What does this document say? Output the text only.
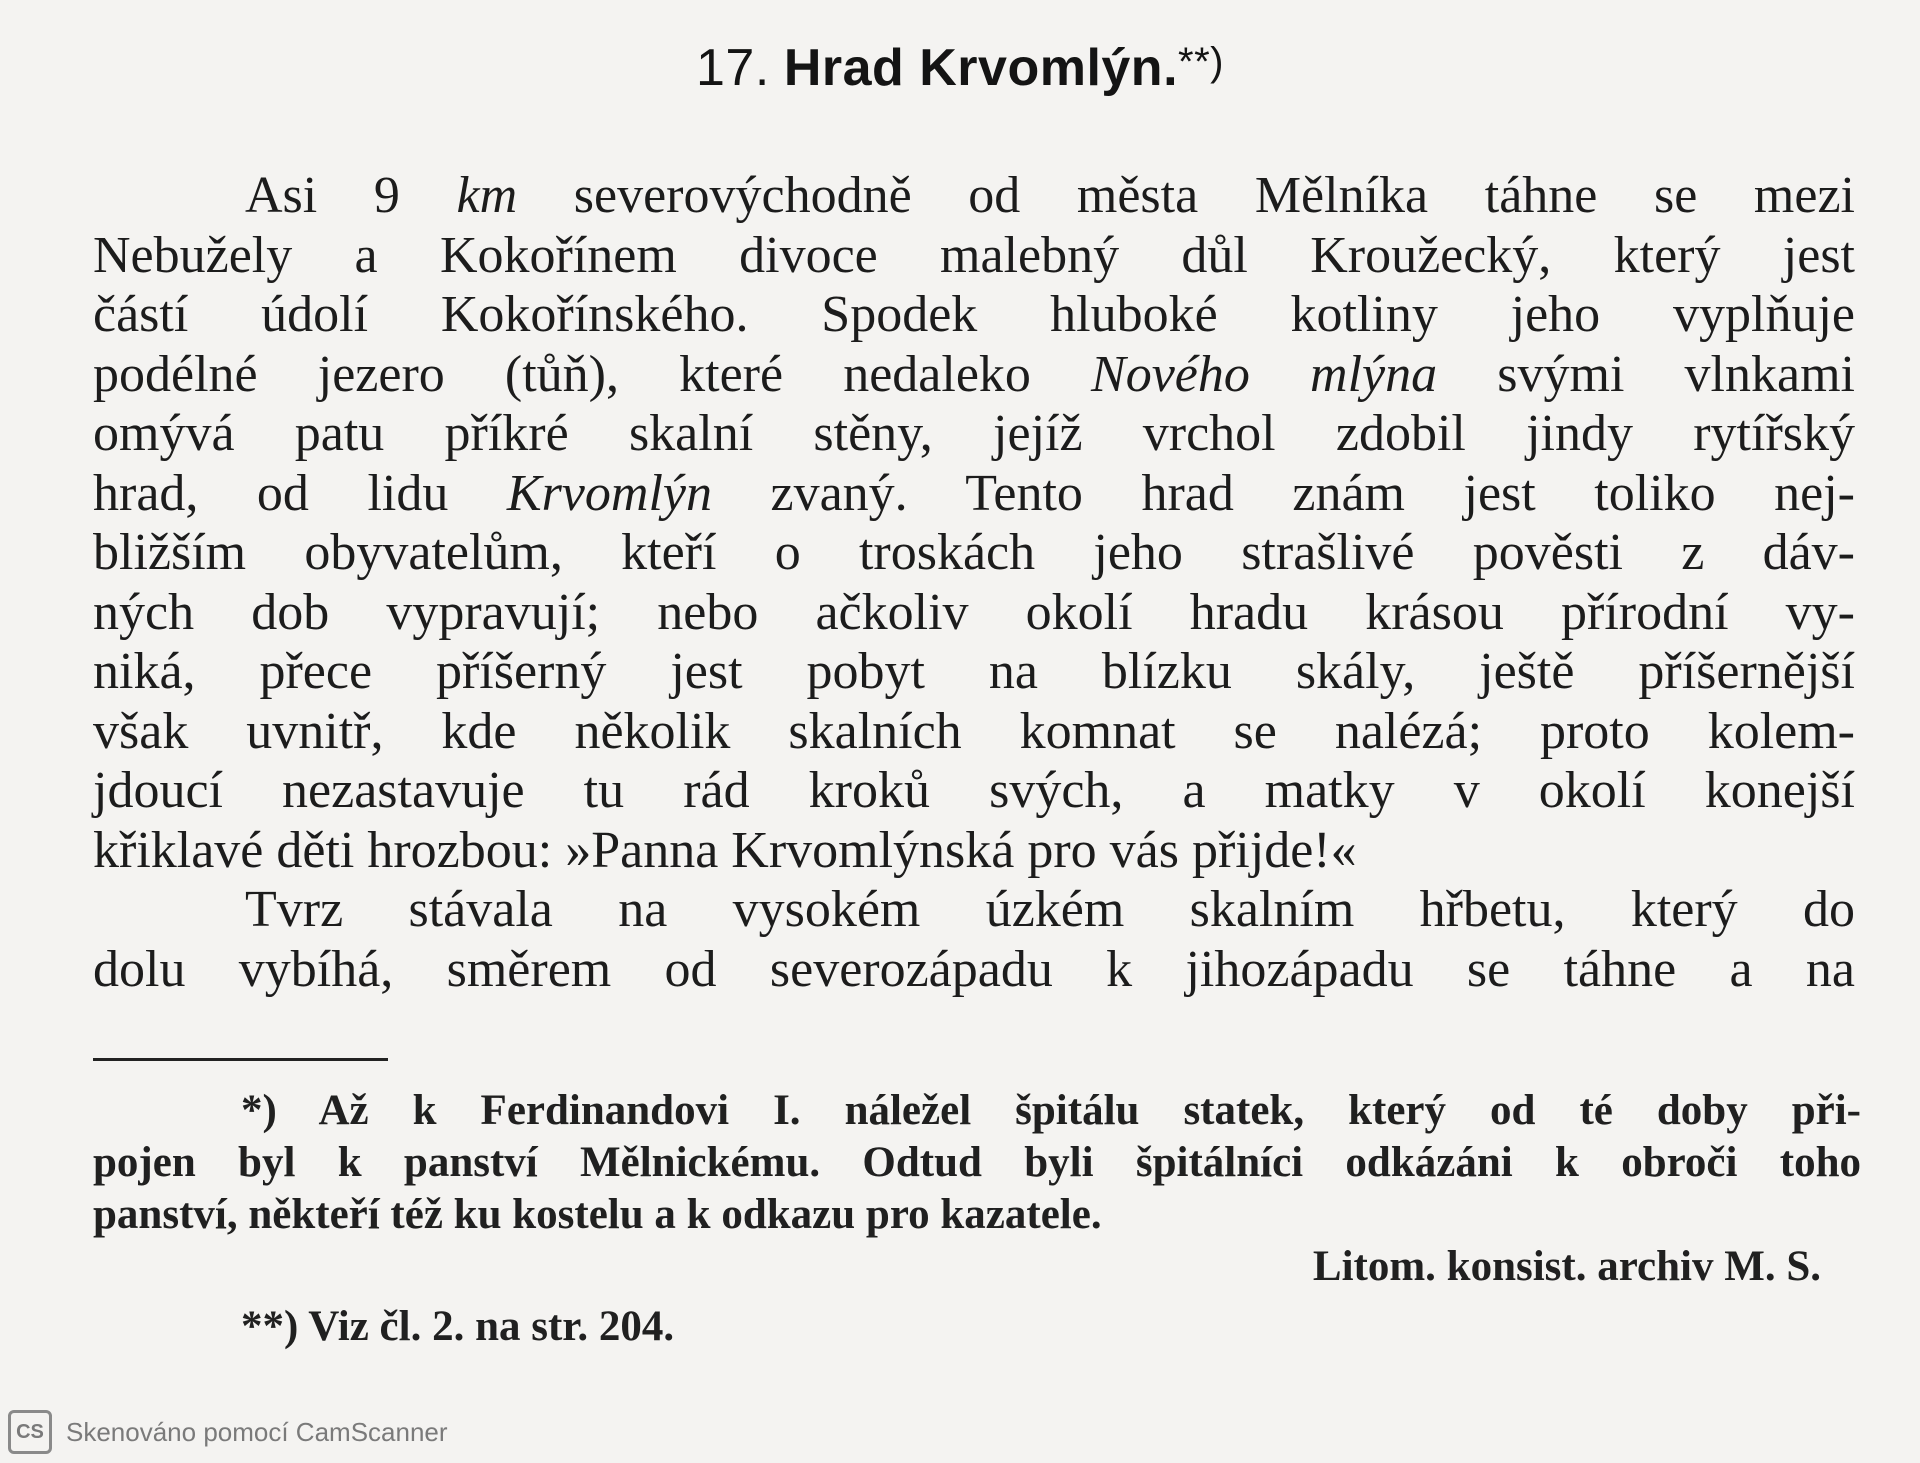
17. Hrad Krvomlýn.**)
Asi 9 km severovýchodně od města Mělníka táhne se mezi
Nebužely a Kokořínem divoce malebný důl Kroužecký, který jest
částí údolí Kokořínského. Spodek hluboké kotliny jeho vyplňuje
podélné jezero (tůň), které nedaleko Nového mlýna svými vlnkami
omývá patu příkré skalní stěny, jejíž vrchol zdobil jindy rytířský
hrad, od lidu Krvomlýn zvaný. Tento hrad znám jest toliko nej-
bližším obyvatelům, kteří o troskách jeho strašlivé pověsti z dáv-
ných dob vypravují; nebo ačkoliv okolí hradu krásou přírodní vy-
niká, přece příšerný jest pobyt na blízku skály, ještě příšernější
však uvnitř, kde několik skalních komnat se nalézá; proto kolem-
jdoucí nezastavuje tu rád kroků svých, a matky v okolí konejší
křiklavé děti hrozbou: »Panna Krvomlýnská pro vás přijde!«
Tvrz stávala na vysokém úzkém skalním hřbetu, který do
dolu vybíhá, směrem od severozápadu k jihozápadu se táhne a na
*) Až k Ferdinandovi I. náležel špitálu statek, který od té doby při-
pojen byl k panství Mělnickému. Odtud byli špitálníci odkázáni k obroči toho
panství, někteří též ku kostelu a k odkazu pro kazatele.
Litom. konsist. archiv M. S.
**) Viz čl. 2. na str. 204.
CS Skenováno pomocí CamScanner
